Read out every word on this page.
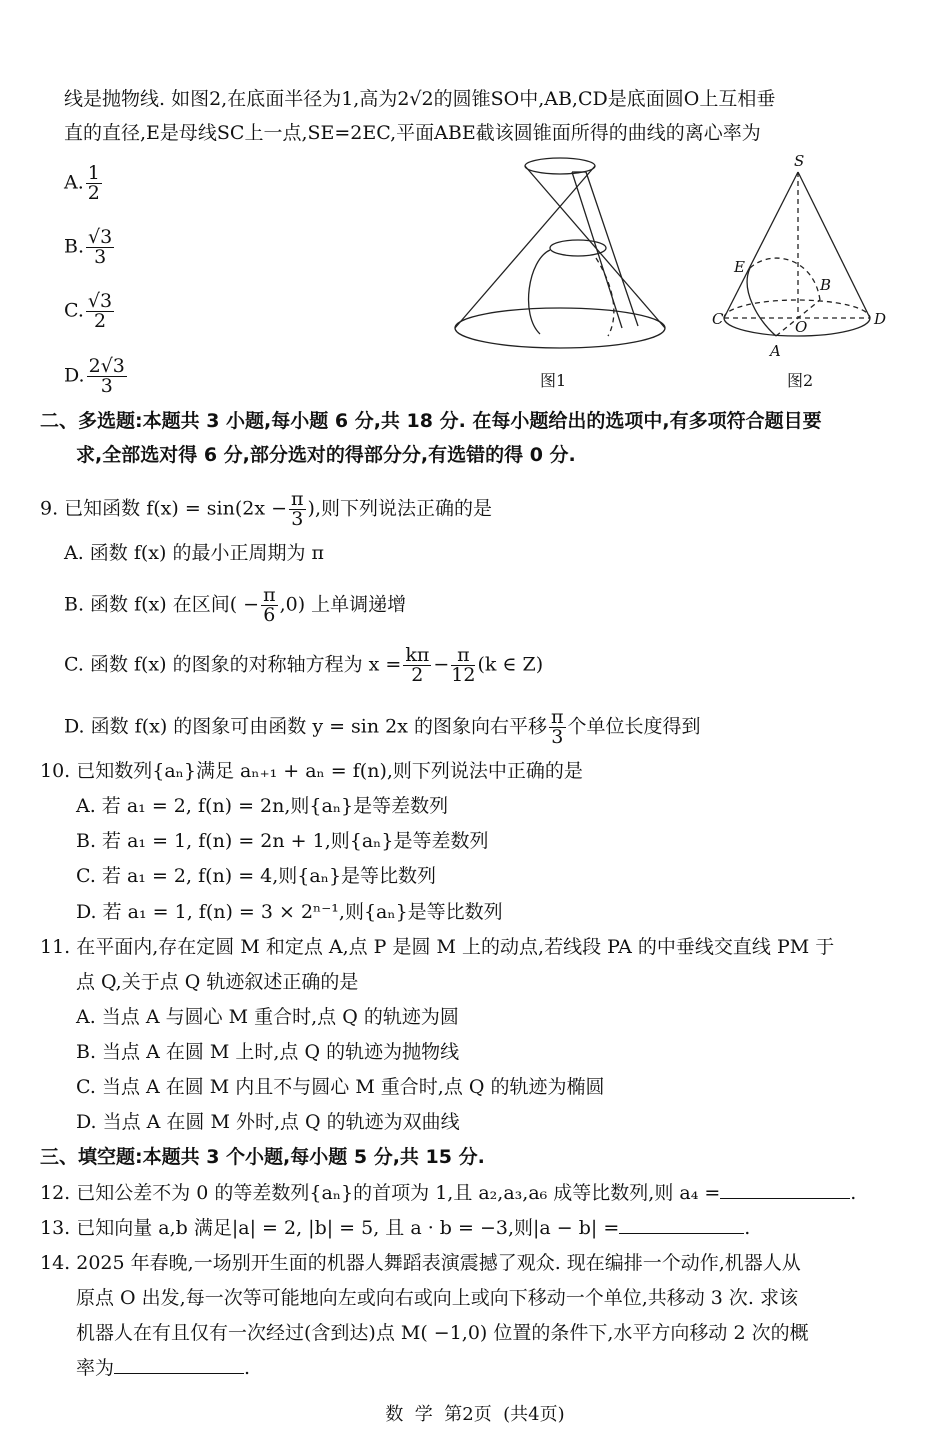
线是抛物线. 如图2,在底面半径为1,高为2√2的圆锥SO中,AB,CD是底面圆O上互相垂
直的直径,E是母线SC上一点,SE=2EC,平面ABE截该圆锥面所得的曲线的离心率为
A. $\frac{1}{2}$
B. $\frac{√3}{3}$
C. $\frac{√3}{2}$
D. $\frac{2√3}{3}$	图1
S
E
B
C	O	D
A
图2
二、多选题:本题共 3 小题,每小题 6 分,共 18 分. 在每小题给出的选项中,有多项符合题目要
求,全部选对得 6 分,部分选对的得部分分,有选错的得 0 分.
9. 已知函数 $f(x) = \sin(2x - \frac{\pi}{3}$ ),则下列说法正确的是
A. 函数 f(x) 的最小正周期为 π
B. 函数 f(x) 在区间( − $\frac{\pi}{6} ,0$) 上单调递增
C. 函数 f(x) 的图象的对称轴方程为 $x = \frac{k\pi}{2} - \frac{\pi}{12} (k$ ∈ Z)
D. 函数 f(x) 的图象可由函数 y = sin 2x 的图象向右平移 $\frac{\pi}{3}$ 个单位长度得到
10. 已知数列{aₙ}满足 aₙ₊₁ + aₙ = f(n),则下列说法中正确的是
A. 若 a₁ = 2, f(n) = 2n,则{aₙ}是等差数列
B. 若 a₁ = 1, f(n) = 2n + 1,则{aₙ}是等差数列
C. 若 a₁ = 2, f(n) = 4,则{aₙ}是等比数列
D. 若 a₁ = 1, f(n) = 3 × 2ⁿ⁻¹,则{aₙ}是等比数列
11. 在平面内,存在定圆 M 和定点 A,点 P 是圆 M 上的动点,若线段 PA 的中垂线交直线 PM 于
点 Q,关于点 Q 轨迹叙述正确的是
A. 当点 A 与圆心 M 重合时,点 Q 的轨迹为圆
B. 当点 A 在圆 M 上时,点 Q 的轨迹为抛物线
C. 当点 A 在圆 M 内且不与圆心 M 重合时,点 Q 的轨迹为椭圆
D. 当点 A 在圆 M 外时,点 Q 的轨迹为双曲线
三、填空题:本题共 3 个小题,每小题 5 分,共 15 分.
12. 已知公差不为 0 的等差数列{aₙ}的首项为 1,且 a₂,a₃,a₆ 成等比数列,则 a₄ =	.
13. 已知向量 a,b 满足|a| = 2, |b| = 5, 且 a · b = −3,则|a − b| =	.
14. 2025 年春晚,一场别开生面的机器人舞蹈表演震撼了观众. 现在编排一个动作,机器人从
原点 O 出发,每一次等可能地向左或向右或向上或向下移动一个单位,共移动 3 次. 求该
机器人在有且仅有一次经过(含到达)点 M( −1,0) 位置的条件下,水平方向移动 2 次的概
率为	.
数  学  第2页  (共4页)
